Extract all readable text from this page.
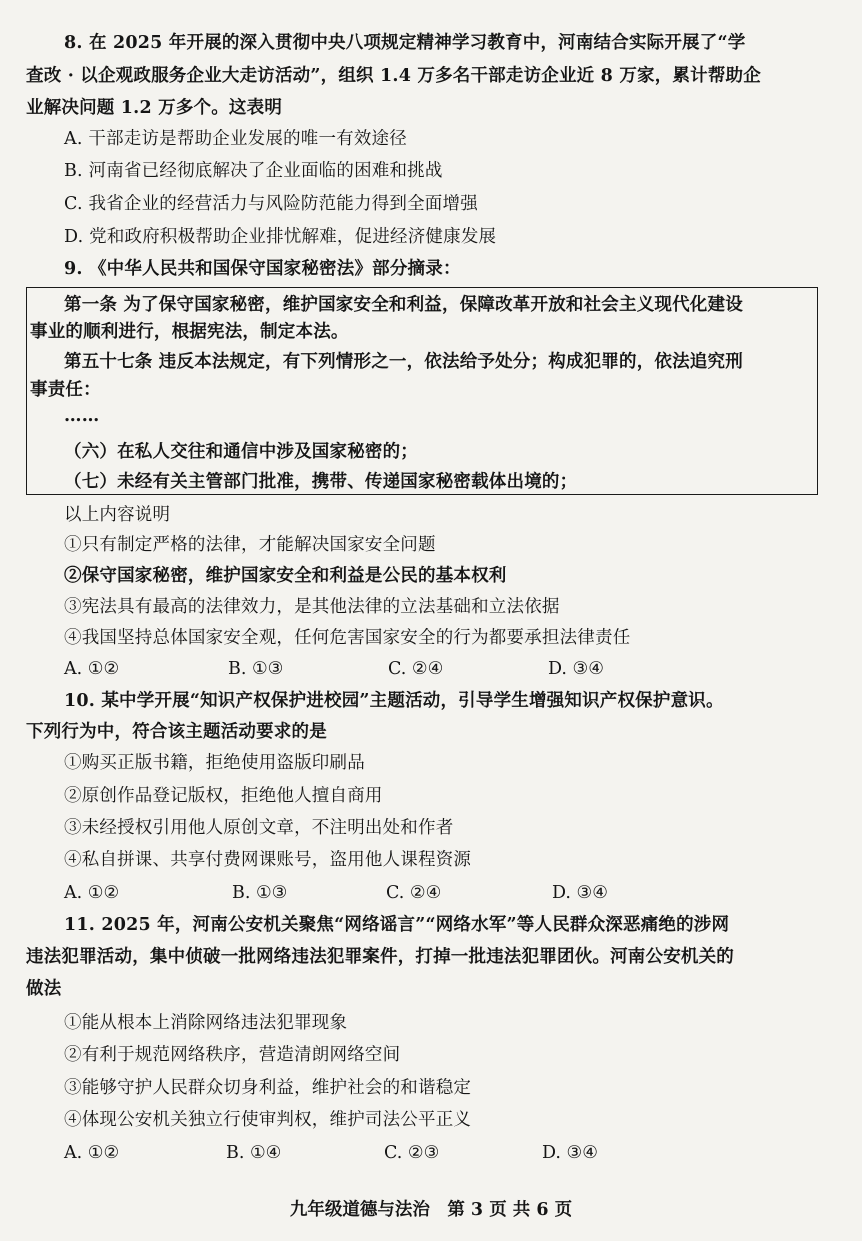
8. 在 2025 年开展的深入贯彻中央八项规定精神学习教育中，河南结合实际开展了“学
查改 · 以企观政服务企业大走访活动”，组织 1.4 万多名干部走访企业近 8 万家，累计帮助企
业解决问题 1.2 万多个。这表明
A. 干部走访是帮助企业发展的唯一有效途径
B. 河南省已经彻底解决了企业面临的困难和挑战
C. 我省企业的经营活力与风险防范能力得到全面增强
D. 党和政府积极帮助企业排忧解难，促进经济健康发展
9. 《中华人民共和国保守国家秘密法》部分摘录：
第一条 为了保守国家秘密，维护国家安全和利益，保障改革开放和社会主义现代化建设
事业的顺利进行，根据宪法，制定本法。
第五十七条 违反本法规定，有下列情形之一，依法给予处分；构成犯罪的，依法追究刑
事责任：
……
（六）在私人交往和通信中涉及国家秘密的；
（七）未经有关主管部门批准，携带、传递国家秘密载体出境的；
以上内容说明
①只有制定严格的法律，才能解决国家安全问题
②保守国家秘密，维护国家安全和利益是公民的基本权利
③宪法具有最高的法律效力，是其他法律的立法基础和立法依据
④我国坚持总体国家安全观，任何危害国家安全的行为都要承担法律责任
A. ①②	B. ①③	C. ②④	D. ③④
10. 某中学开展“知识产权保护进校园”主题活动，引导学生增强知识产权保护意识。
下列行为中，符合该主题活动要求的是
①购买正版书籍，拒绝使用盗版印刷品
②原创作品登记版权，拒绝他人擅自商用
③未经授权引用他人原创文章，不注明出处和作者
④私自拼课、共享付费网课账号，盗用他人课程资源
A. ①②	B. ①③	C. ②④	D. ③④
11. 2025 年，河南公安机关聚焦“网络谣言”“网络水军”等人民群众深恶痛绝的涉网
违法犯罪活动，集中侦破一批网络违法犯罪案件，打掉一批违法犯罪团伙。河南公安机关的
做法
①能从根本上消除网络违法犯罪现象
②有利于规范网络秩序，营造清朗网络空间
③能够守护人民群众切身利益，维护社会的和谐稳定
④体现公安机关独立行使审判权，维护司法公平正义
A. ①②	B. ①④	C. ②③	D. ③④
九年级道德与法治　第 3 页 共 6 页
